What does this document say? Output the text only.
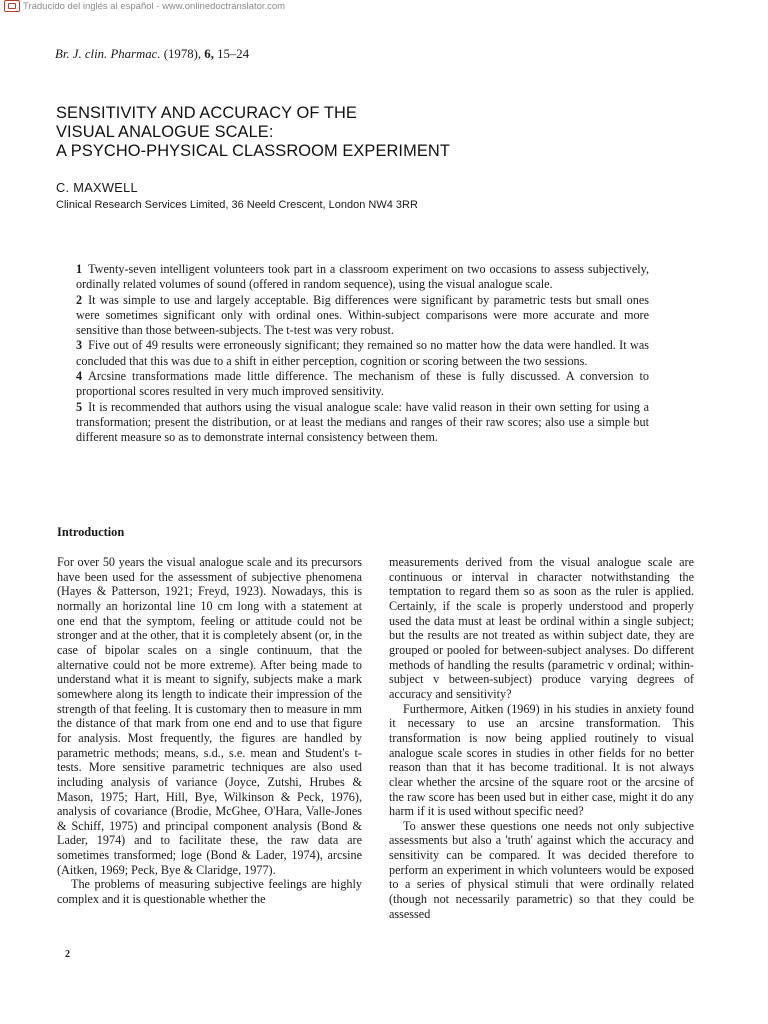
Traducido del inglés al español - www.onlinedoctranslator.com
Br. J. clin. Pharmac. (1978), 6, 15–24
SENSITIVITY AND ACCURACY OF THE
VISUAL ANALOGUE SCALE:
A PSYCHO-PHYSICAL CLASSROOM EXPERIMENT
C. MAXWELL
Clinical Research Services Limited, 36 Neeld Crescent, London NW4 3RR

1 Twenty-seven intelligent volunteers took part in a classroom experiment on two occasions to assess subjectively, ordinally related volumes of sound (offered in random sequence), using the visual analogue scale.

2 It was simple to use and largely acceptable. Big differences were significant by parametric tests but small ones were sometimes significant only with ordinal ones. Within-subject comparisons were more accurate and more sensitive than those between-subjects. The t-test was very robust.

3 Five out of 49 results were erroneously significant; they remained so no matter how the data were handled. It was concluded that this was due to a shift in either perception, cognition or scoring between the two sessions.

4 Arcsine transformations made little difference. The mechanism of these is fully discussed. A conversion to proportional scores resulted in very much improved sensitivity.

5 It is recommended that authors using the visual analogue scale: have valid reason in their own setting for using a transformation; present the distribution, or at least the medians and ranges of their raw scores; also use a simple but different measure so as to demonstrate internal consistency between them.

Introduction

For over 50 years the visual analogue scale and its precursors have been used for the assessment of subjective phenomena (Hayes & Patterson, 1921; Freyd, 1923). Nowadays, this is normally an horizontal line 10 cm long with a statement at one end that the symptom, feeling or attitude could not be stronger and at the other, that it is completely absent (or, in the case of bipolar scales on a single continuum, that the alternative could not be more extreme). After being made to understand what it is meant to signify, subjects make a mark somewhere along its length to indicate their impression of the strength of that feeling. It is customary then to measure in mm the distance of that mark from one end and to use that figure for analysis. Most frequently, the figures are handled by parametric methods; means, s.d., s.e. mean and Student's t-tests. More sensitive parametric techniques are also used including analysis of variance (Joyce, Zutshi, Hrubes & Mason, 1975; Hart, Hill, Bye, Wilkinson & Peck, 1976), analysis of covariance (Brodie, McGhee, O'Hara, Valle-Jones & Schiff, 1975) and principal component analysis (Bond & Lader, 1974) and to facilitate these, the raw data are sometimes transformed; loge (Bond & Lader, 1974), arcsine (Aitken, 1969; Peck, Bye & Claridge, 1977).

The problems of measuring subjective feelings are highly complex and it is questionable whether the

measurements derived from the visual analogue scale are continuous or interval in character notwithstanding the temptation to regard them so as soon as the ruler is applied. Certainly, if the scale is properly understood and properly used the data must at least be ordinal within a single subject; but the results are not treated as within subject date, they are grouped or pooled for between-subject analyses. Do different methods of handling the results (parametric v ordinal; within-subject v between-subject) produce varying degrees of accuracy and sensitivity?

Furthermore, Aitken (1969) in his studies in anxiety found it necessary to use an arcsine transformation. This transformation is now being applied routinely to visual analogue scale scores in studies in other fields for no better reason than that it has become traditional. It is not always clear whether the arcsine of the square root or the arcsine of the raw score has been used but in either case, might it do any harm if it is used without specific need?

To answer these questions one needs not only subjective assessments but also a 'truth' against which the accuracy and sensitivity can be compared. It was decided therefore to perform an experiment in which volunteers would be exposed to a series of physical stimuli that were ordinally related (though not necessarily parametric) so that they could be assessed

2
